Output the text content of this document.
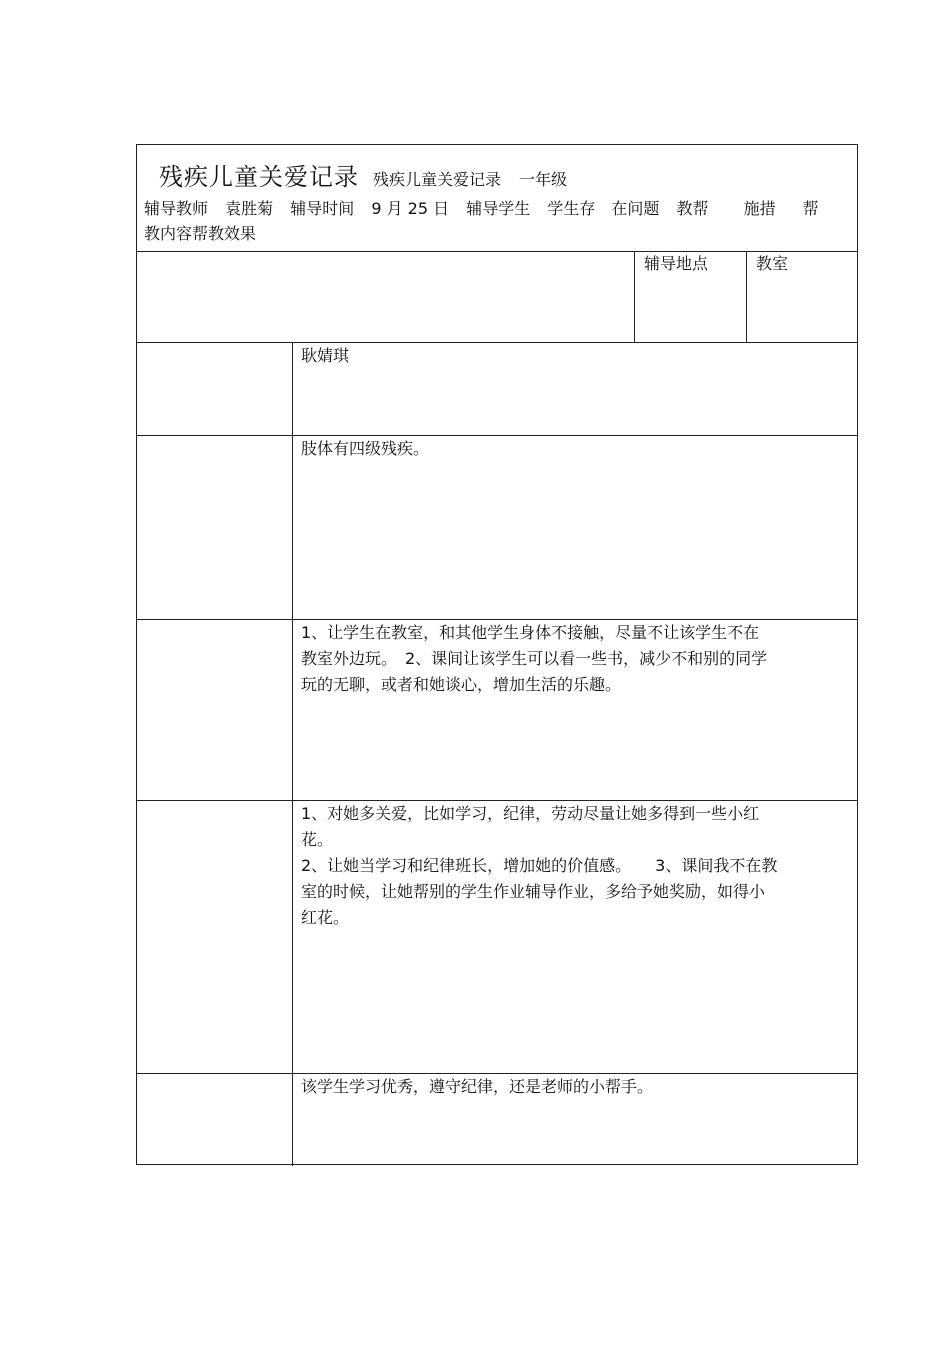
残疾儿童关爱记录 残疾儿童关爱记录 一年级
辅导教师 袁胜菊 辅导时间 9 月 25 日 辅导学生 学生存　在问题 教帮 施措 帮
教内容帮教效果
辅导地点	教室
耿婧琪
肢体有四级残疾。
1、让学生在教室，和其他学生身体不接触，尽量不让该学生不在
教室外边玩。　2、课间让该学生可以看一些书，减少不和别的同学
玩的无聊，或者和她谈心，增加生活的乐趣。
1、对她多关爱，比如学习，纪律，劳动尽量让她多得到一些小红
花。
2、让她当学习和纪律班长，增加她的价值感。　　3、课间我不在教
室的时候，让她帮别的学生作业辅导作业，多给予她奖励，如得小
红花。
该学生学习优秀，遵守纪律，还是老师的小帮手。
